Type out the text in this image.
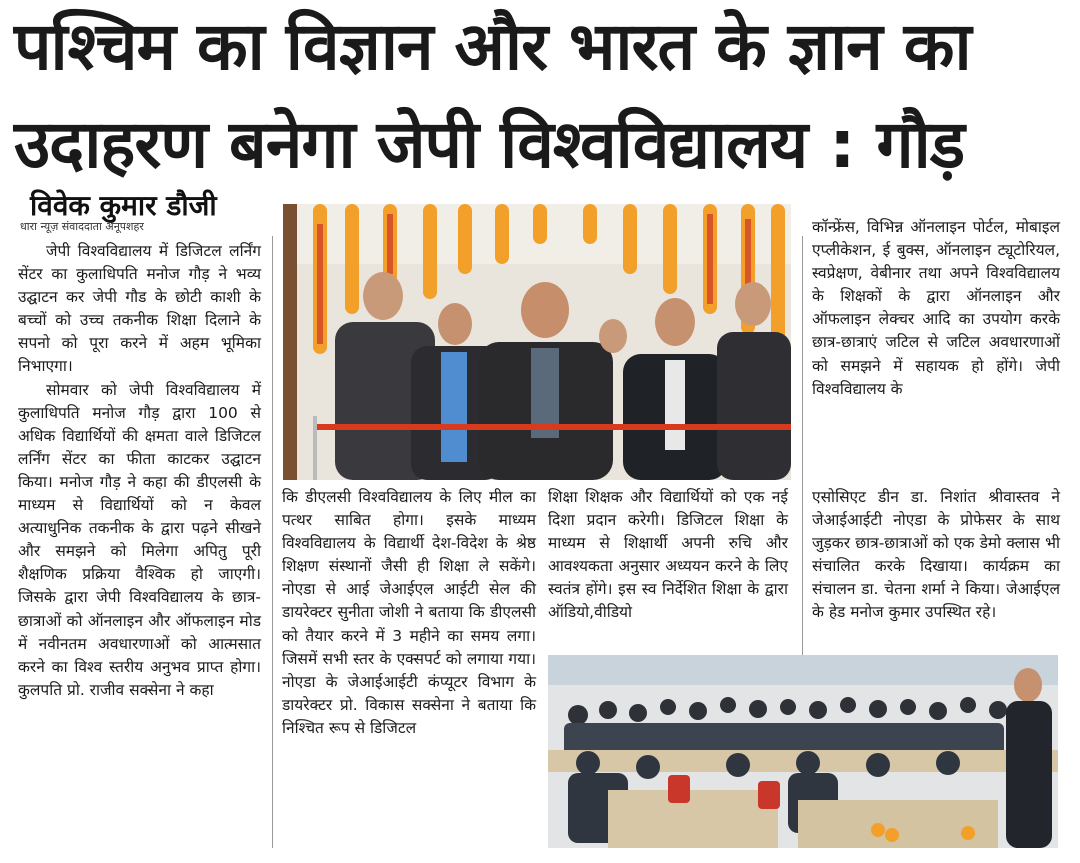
पश्चिम का विज्ञान और भारत के ज्ञान का
उदाहरण बनेगा जेपी विश्वविद्यालय : गौड़
विवेक कुमार डौजी
धारा न्यूज़ संवाददाता अनूपशहर

जेपी विश्वविद्यालय में डिजिटल लर्निंग सेंटर का कुलाधिपति मनोज गौड़ ने भव्य उद्घाटन कर जेपी गौड के छोटी काशी के बच्चों को उच्च तकनीक शिक्षा दिलाने के सपनो को पूरा करने में अहम भूमिका निभाएगा।

सोमवार को जेपी विश्वविद्यालय में कुलाधिपति मनोज गौड़ द्वारा 100 से अधिक विद्यार्थियों की क्षमता वाले डिजिटल लर्निंग सेंटर का फीता काटकर उद्घाटन किया। मनोज गौड़ ने कहा की डीएलसी के माध्यम से विद्यार्थियों को न केवल अत्याधुनिक तकनीक के द्वारा पढ़ने सीखने और समझने को मिलेगा अपितु पूरी शैक्षणिक प्रक्रिया वैश्विक हो जाएगी। जिसके द्वारा जेपी विश्वविद्यालय के छात्र-छात्राओं को ऑनलाइन और ऑफलाइन मोड में नवीनतम अवधारणाओं को आत्मसात करने का विश्व स्तरीय अनुभव प्राप्त होगा। कुलपति प्रो. राजीव सक्सेना ने कहा

कि डीएलसी विश्वविद्यालय के लिए मील का पत्थर साबित होगा। इसके माध्यम विश्वविद्यालय के विद्यार्थी देश-विदेश के श्रेष्ठ शिक्षण संस्थानों जैसी ही शिक्षा ले सकेंगे। नोएडा से आई जेआईएल आईटी सेल की डायरेक्टर सुनीता जोशी ने बताया कि डीएलसी को तैयार करने में 3 महीने का समय लगा। जिसमें सभी स्तर के एक्सपर्ट को लगाया गया। नोएडा के जेआईआईटी कंप्यूटर विभाग के डायरेक्टर प्रो. विकास सक्सेना ने बताया कि निश्चित रूप से डिजिटल

शिक्षा शिक्षक और विद्यार्थियों को एक नई दिशा प्रदान करेगी। डिजिटल शिक्षा के माध्यम से शिक्षार्थी अपनी रुचि और आवश्यकता अनुसार अध्ययन करने के लिए स्वतंत्र होंगे। इस स्व निर्देशित शिक्षा के द्वारा ऑडियो,वीडियो

कॉन्फ्रेंस, विभिन्न ऑनलाइन पोर्टल, मोबाइल एप्लीकेशन, ई बुक्स, ऑनलाइन ट्यूटोरियल, स्वप्रेक्षण, वेबीनार तथा अपने विश्वविद्यालय के शिक्षकों के द्वारा ऑनलाइन और ऑफलाइन लेक्चर आदि का उपयोग करके छात्र-छात्राएं जटिल से जटिल अवधारणाओं को समझने में सहायक हो होंगे। जेपी विश्वविद्यालय के

एसोसिएट डीन डा. निशांत श्रीवास्तव ने जेआईआईटी नोएडा के प्रोफेसर के साथ जुड़कर छात्र-छात्राओं को एक डेमो क्लास भी संचालित करके दिखाया। कार्यक्रम का संचालन डा. चेतना शर्मा ने किया। जेआईएल के हेड मनोज कुमार उपस्थित रहे।
